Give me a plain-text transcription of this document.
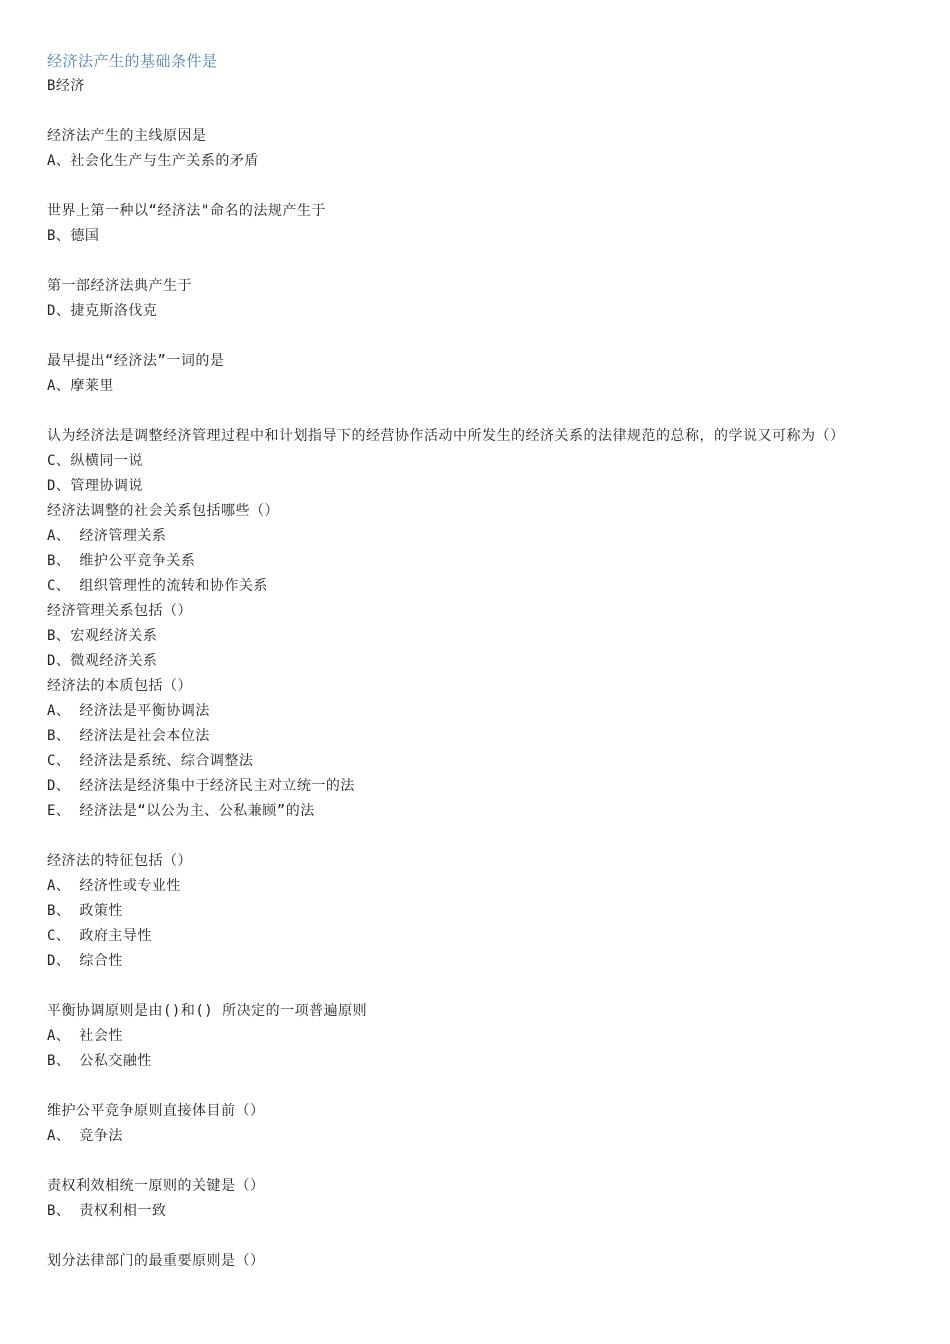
经济法产生的基础条件是
B经济
经济法产生的主线原因是
A、社会化生产与生产关系的矛盾
世界上第一种以“经济法"命名的法规产生于
B、德国
第一部经济法典产生于
D、捷克斯洛伐克
最早提出“经济法”一词的是
A、摩莱里
认为经济法是调整经济管理过程中和计划指导下的经营协作活动中所发生的经济关系的法律规范的总称，的学说又可称为（）
C、纵横同一说
D、管理协调说
经济法调整的社会关系包括哪些（）
A、 经济管理关系
B、 维护公平竞争关系
C、 组织管理性的流转和协作关系
经济管理关系包括（）
B、宏观经济关系
D、微观经济关系
经济法的本质包括（）
A、 经济法是平衡协调法
B、 经济法是社会本位法
C、 经济法是系统、综合调整法
D、 经济法是经济集中于经济民主对立统一的法
E、 经济法是“以公为主、公私兼顾”的法
经济法的特征包括（）
A、 经济性或专业性
B、 政策性
C、 政府主导性
D、 综合性
平衡协调原则是由()和() 所决定的一项普遍原则
A、 社会性
B、 公私交融性
维护公平竞争原则直接体目前（）
A、 竞争法
责权利效相统一原则的关键是（）
B、 责权利相一致
划分法律部门的最重要原则是（）
